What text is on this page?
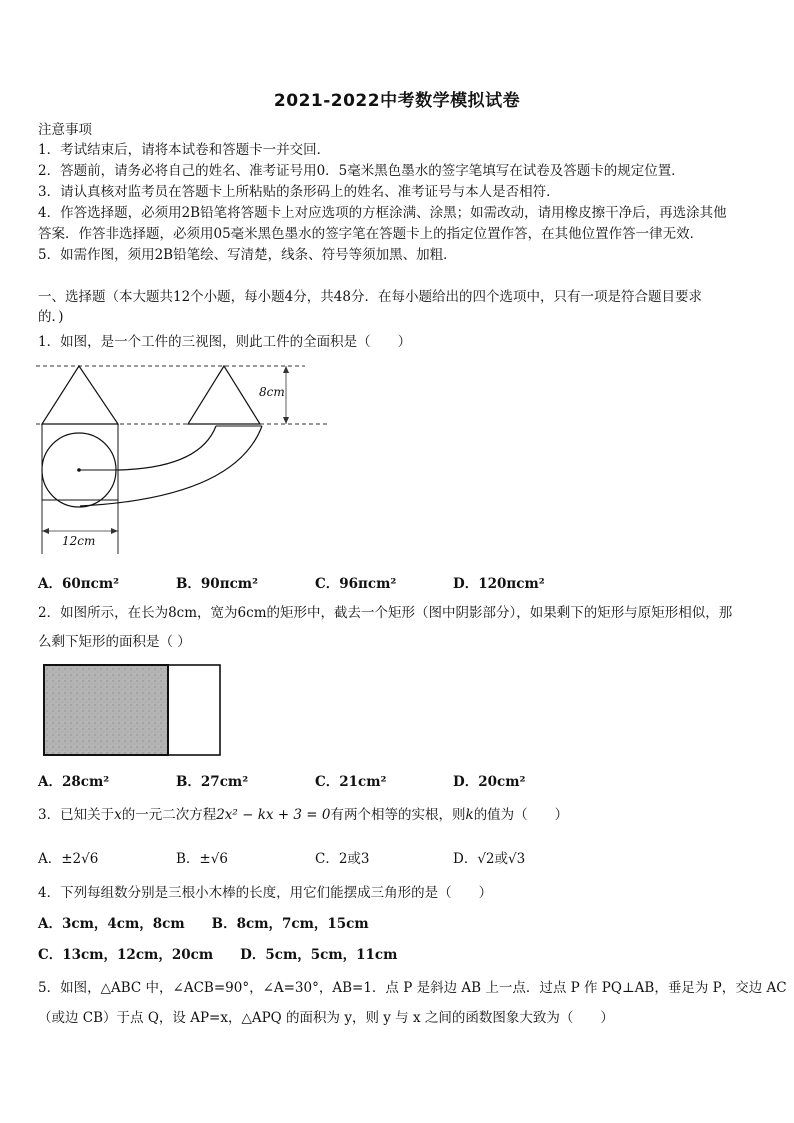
2021-2022中考数学模拟试卷
注意事项
1．考试结束后，请将本试卷和答题卡一并交回．
2．答题前，请务必将自己的姓名、准考证号用0．5毫米黑色墨水的签字笔填写在试卷及答题卡的规定位置．
3．请认真核对监考员在答题卡上所粘贴的条形码上的姓名、准考证号与本人是否相符．
4．作答选择题，必须用2B铅笔将答题卡上对应选项的方框涂满、涂黑；如需改动，请用橡皮擦干净后，再选涂其他
答案．作答非选择题，必须用05毫米黑色墨水的签字笔在答题卡上的指定位置作答，在其他位置作答一律无效．
5．如需作图，须用2B铅笔绘、写清楚，线条、符号等须加黑、加粗．
一、选择题（本大题共12个小题，每小题4分，共48分．在每小题给出的四个选项中，只有一项是符合题目要求
的．)
1．如图，是一个工件的三视图，则此工件的全面积是（　　）
8cm
12cm
A．60πcm²	B．90πcm²	C．96πcm²	D．120πcm²
2．如图所示，在长为8cm，宽为6cm的矩形中，截去一个矩形（图中阴影部分），如果剩下的矩形与原矩形相似，那
么剩下矩形的面积是（ ）
A．28cm²	B．27cm²	C．21cm²	D．20cm²
3．已知关于x的一元二次方程2x² − kx + 3 = 0有两个相等的实根，则k的值为（　　）
A．±2√6	B．±√6	C．2或3	D．√2或√3
4．下列每组数分别是三根小木棒的长度，用它们能摆成三角形的是（　　）
A．3cm，4cm，8cm　　B．8cm，7cm，15cm
C．13cm，12cm，20cm　　D．5cm，5cm，11cm
5．如图，△ABC 中，∠ACB=90°，∠A=30°，AB=1．点 P 是斜边 AB 上一点．过点 P 作 PQ⊥AB，垂足为 P，交边 AC
（或边 CB）于点 Q，设 AP=x，△APQ 的面积为 y，则 y 与 x 之间的函数图象大致为（　　）
